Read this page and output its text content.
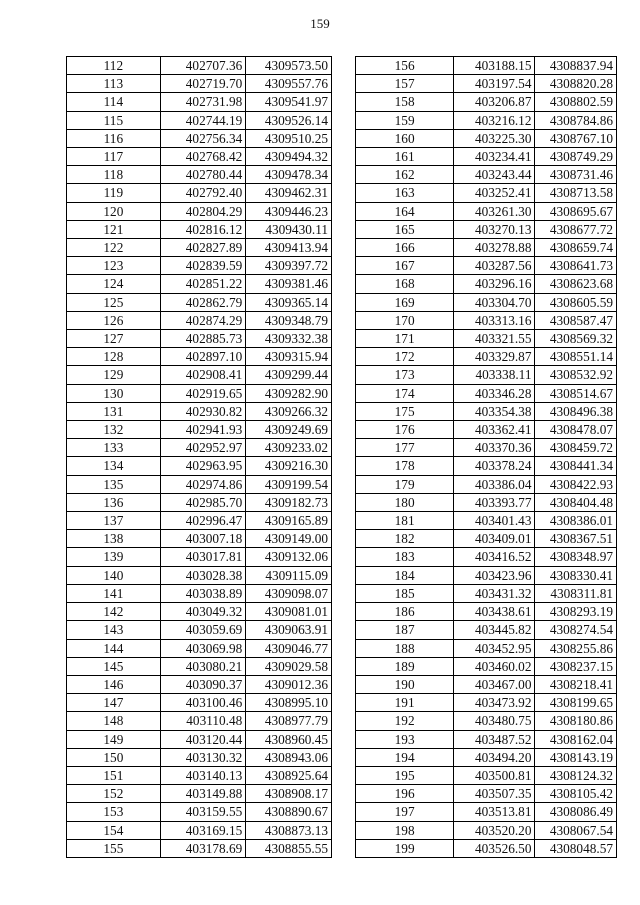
159
112	402707.36	4309573.50
113	402719.70	4309557.76
114	402731.98	4309541.97
115	402744.19	4309526.14
116	402756.34	4309510.25
117	402768.42	4309494.32
118	402780.44	4309478.34
119	402792.40	4309462.31
120	402804.29	4309446.23
121	402816.12	4309430.11
122	402827.89	4309413.94
123	402839.59	4309397.72
124	402851.22	4309381.46
125	402862.79	4309365.14
126	402874.29	4309348.79
127	402885.73	4309332.38
128	402897.10	4309315.94
129	402908.41	4309299.44
130	402919.65	4309282.90
131	402930.82	4309266.32
132	402941.93	4309249.69
133	402952.97	4309233.02
134	402963.95	4309216.30
135	402974.86	4309199.54
136	402985.70	4309182.73
137	402996.47	4309165.89
138	403007.18	4309149.00
139	403017.81	4309132.06
140	403028.38	4309115.09
141	403038.89	4309098.07
142	403049.32	4309081.01
143	403059.69	4309063.91
144	403069.98	4309046.77
145	403080.21	4309029.58
146	403090.37	4309012.36
147	403100.46	4308995.10
148	403110.48	4308977.79
149	403120.44	4308960.45
150	403130.32	4308943.06
151	403140.13	4308925.64
152	403149.88	4308908.17
153	403159.55	4308890.67
154	403169.15	4308873.13
155	403178.69	4308855.55
156	403188.15	4308837.94
157	403197.54	4308820.28
158	403206.87	4308802.59
159	403216.12	4308784.86
160	403225.30	4308767.10
161	403234.41	4308749.29
162	403243.44	4308731.46
163	403252.41	4308713.58
164	403261.30	4308695.67
165	403270.13	4308677.72
166	403278.88	4308659.74
167	403287.56	4308641.73
168	403296.16	4308623.68
169	403304.70	4308605.59
170	403313.16	4308587.47
171	403321.55	4308569.32
172	403329.87	4308551.14
173	403338.11	4308532.92
174	403346.28	4308514.67
175	403354.38	4308496.38
176	403362.41	4308478.07
177	403370.36	4308459.72
178	403378.24	4308441.34
179	403386.04	4308422.93
180	403393.77	4308404.48
181	403401.43	4308386.01
182	403409.01	4308367.51
183	403416.52	4308348.97
184	403423.96	4308330.41
185	403431.32	4308311.81
186	403438.61	4308293.19
187	403445.82	4308274.54
188	403452.95	4308255.86
189	403460.02	4308237.15
190	403467.00	4308218.41
191	403473.92	4308199.65
192	403480.75	4308180.86
193	403487.52	4308162.04
194	403494.20	4308143.19
195	403500.81	4308124.32
196	403507.35	4308105.42
197	403513.81	4308086.49
198	403520.20	4308067.54
199	403526.50	4308048.57
